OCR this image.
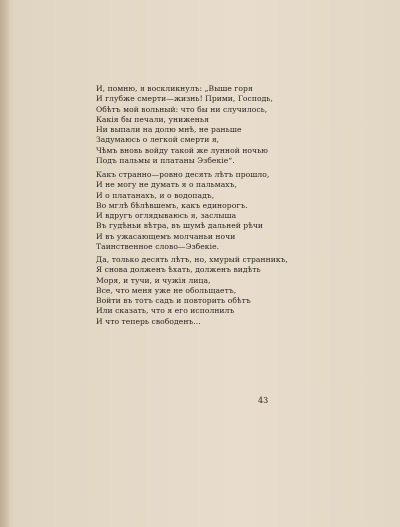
И, помню, я воскликнулъ: „Выше горя
И глубже смерти—жизнь! Прими, Господь,
Обѣтъ мой вольный: что бы ни случилось,
Какія бы печали, униженья
Ни выпали на долю мнѣ, не раньше
Задумаюсь о легкой смерти я,
Чѣмъ вновь войду такой же лунной ночью
Подъ пальмы и платаны Эзбекіе“.
Какъ странно—ровно десять лѣтъ прошло,
И не могу не думать я о пальмахъ,
И о платанахъ, и о водопадъ,
Во мглѣ бѣлѣвшемъ, какъ единорогъ.
И вдругъ оглядываюсь я, заслыша
Въ гудѣньи вѣтра, въ шумѣ дальней рѣчи
И въ ужасающемъ молчаньи ночи
Таинственное слово—Эзбекіе.
Да, только десять лѣтъ, но, хмурый странникъ,
Я снова долженъ ѣхать, долженъ видѣть
Моря, и тучи, и чужія лица,
Все, что меня уже не обольщаетъ,
Войти въ тотъ садъ и повторить обѣтъ
Или сказать, что я его исполнилъ
И что теперь свободенъ...
43
